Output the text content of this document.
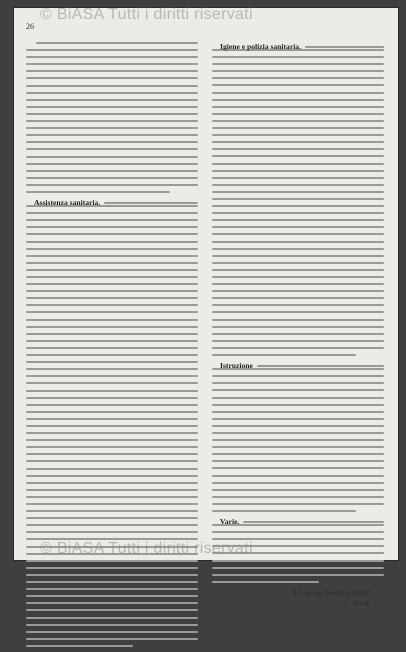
© BiASA Tutti i diritti riservati
26
Assistenza sanitaria.
Igiene e polizia sanitaria.
Istruzione
Varie.
Il Capo dei Servizi statistici
L. Hadje
© BiASA Tutti i diritti riservati
